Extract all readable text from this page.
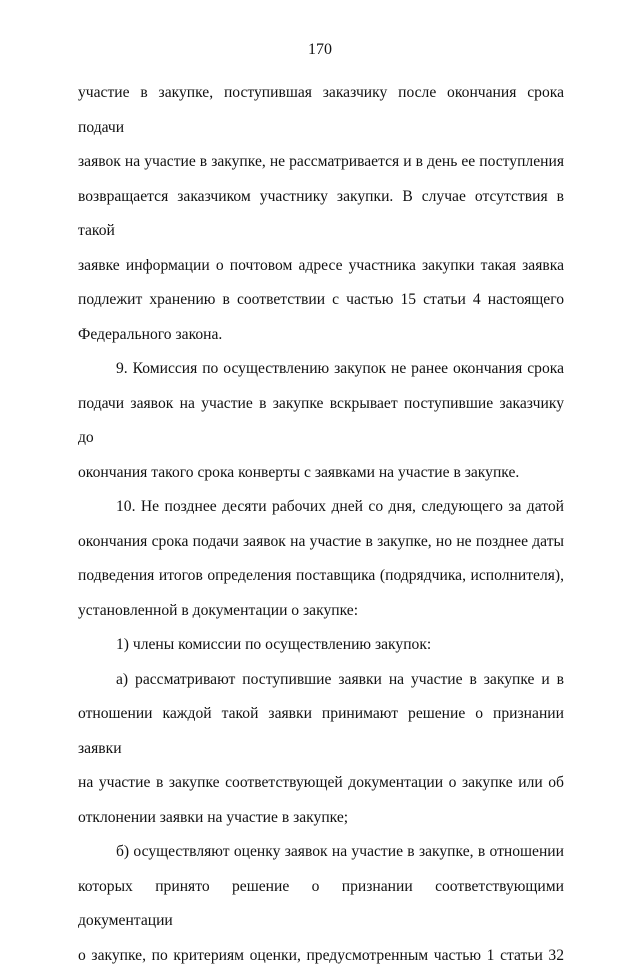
170

участие в закупке, поступившая заказчику после окончания срока подачи

заявок на участие в закупке, не рассматривается и в день ее поступления

возвращается заказчиком участнику закупки. В случае отсутствия в такой

заявке информации о почтовом адресе участника закупки такая заявка

подлежит хранению в соответствии с частью 15 статьи 4 настоящего

Федерального закона.

9. Комиссия по осуществлению закупок не ранее окончания срока

подачи заявок на участие в закупке вскрывает поступившие заказчику до

окончания такого срока конверты с заявками на участие в закупке.

10. Не позднее десяти рабочих дней со дня, следующего за датой

окончания срока подачи заявок на участие в закупке, но не позднее даты

подведения итогов определения поставщика (подрядчика, исполнителя),

установленной в документации о закупке:

1) члены комиссии по осуществлению закупок:

а) рассматривают поступившие заявки на участие в закупке и в

отношении каждой такой заявки принимают решение о признании заявки

на участие в закупке соответствующей документации о закупке или об

отклонении заявки на участие в закупке;

б) осуществляют оценку заявок на участие в закупке, в отношении

которых принято решение о признании соответствующими документации

о закупке, по критериям оценки, предусмотренным частью 1 статьи 32
